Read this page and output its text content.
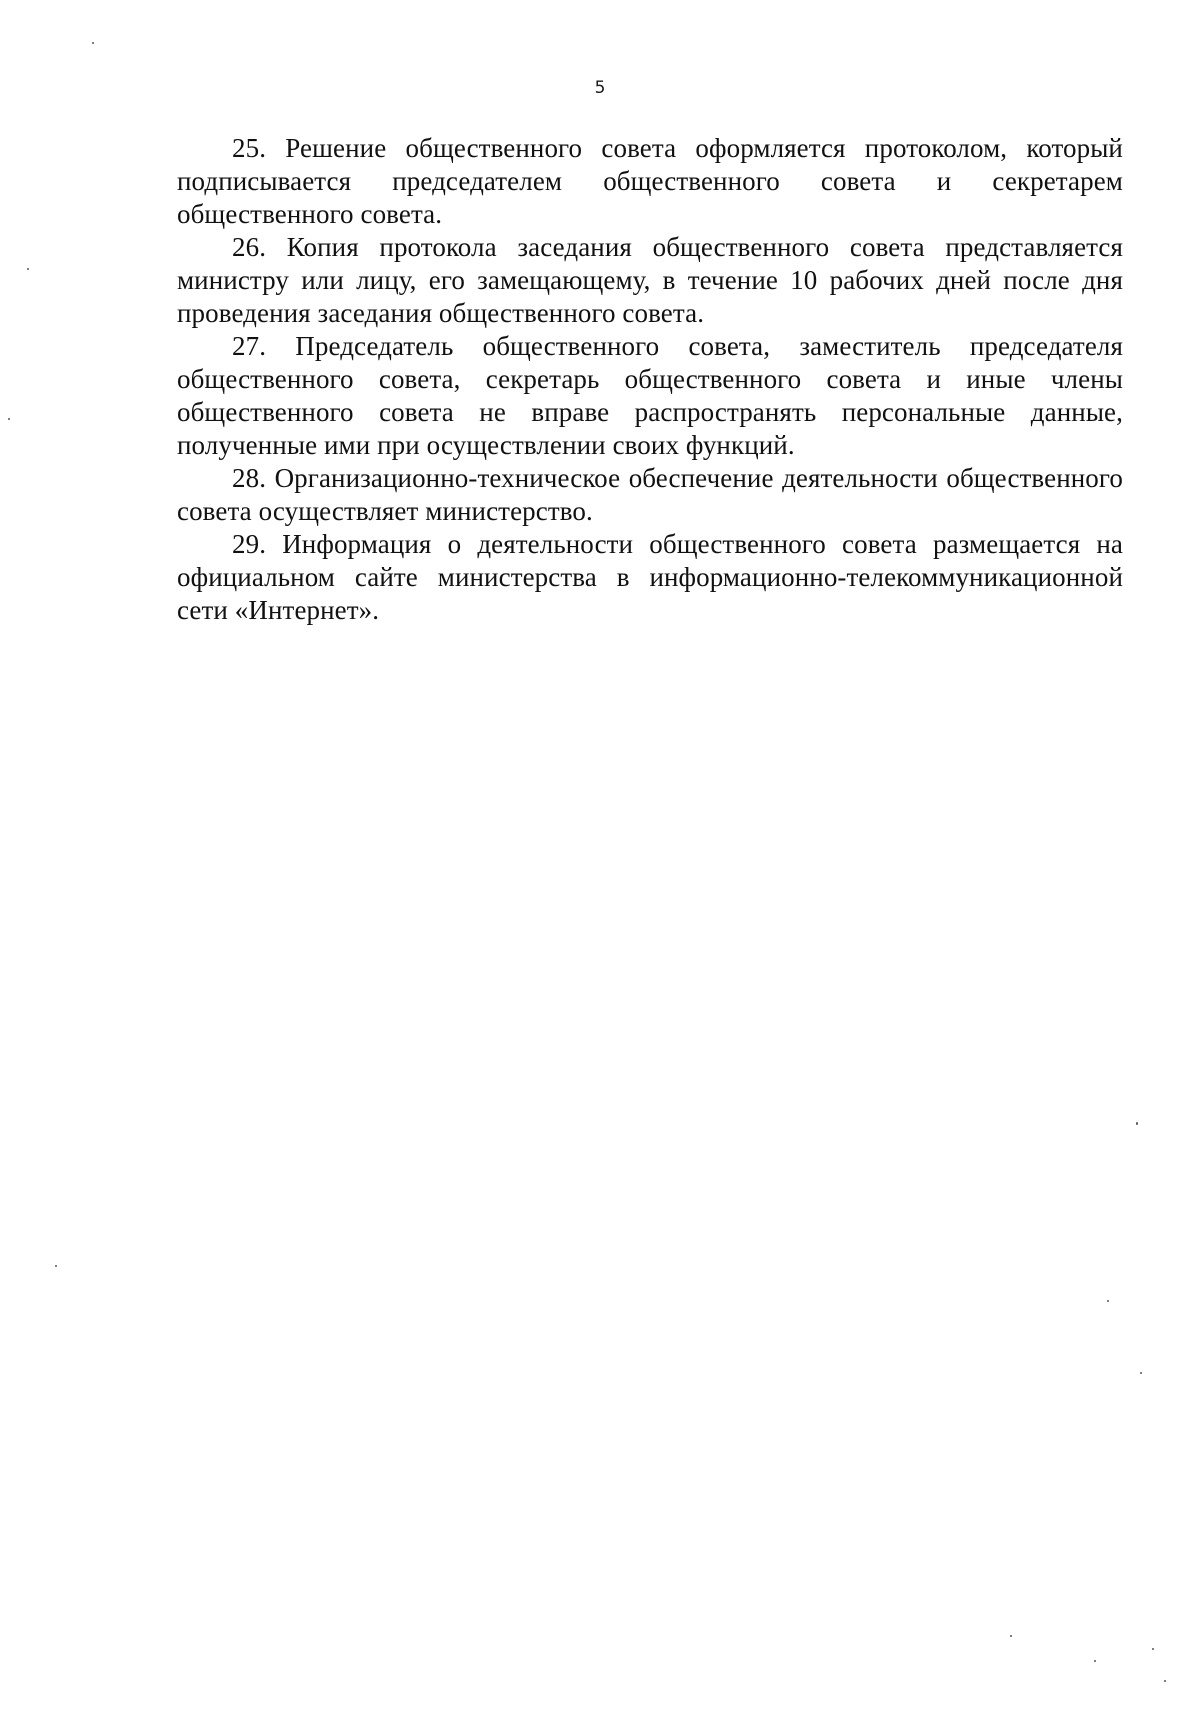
5

25. Решение общественного совета оформляется протоколом, который подписывается председателем общественного совета и секретарем общественного совета.

26. Копия протокола заседания общественного совета представляется министру или лицу, его замещающему, в течение 10 рабочих дней после дня проведения заседания общественного совета.

27. Председатель общественного совета, заместитель председателя общественного совета, секретарь общественного совета и иные члены общественного совета не вправе распространять персональные данные, полученные ими при осуществлении своих функций.

28. Организационно-техническое обеспечение деятельности общественного совета осуществляет министерство.

29. Информация о деятельности общественного совета размещается на официальном сайте министерства в информационно-телекоммуникационной сети «Интернет».
